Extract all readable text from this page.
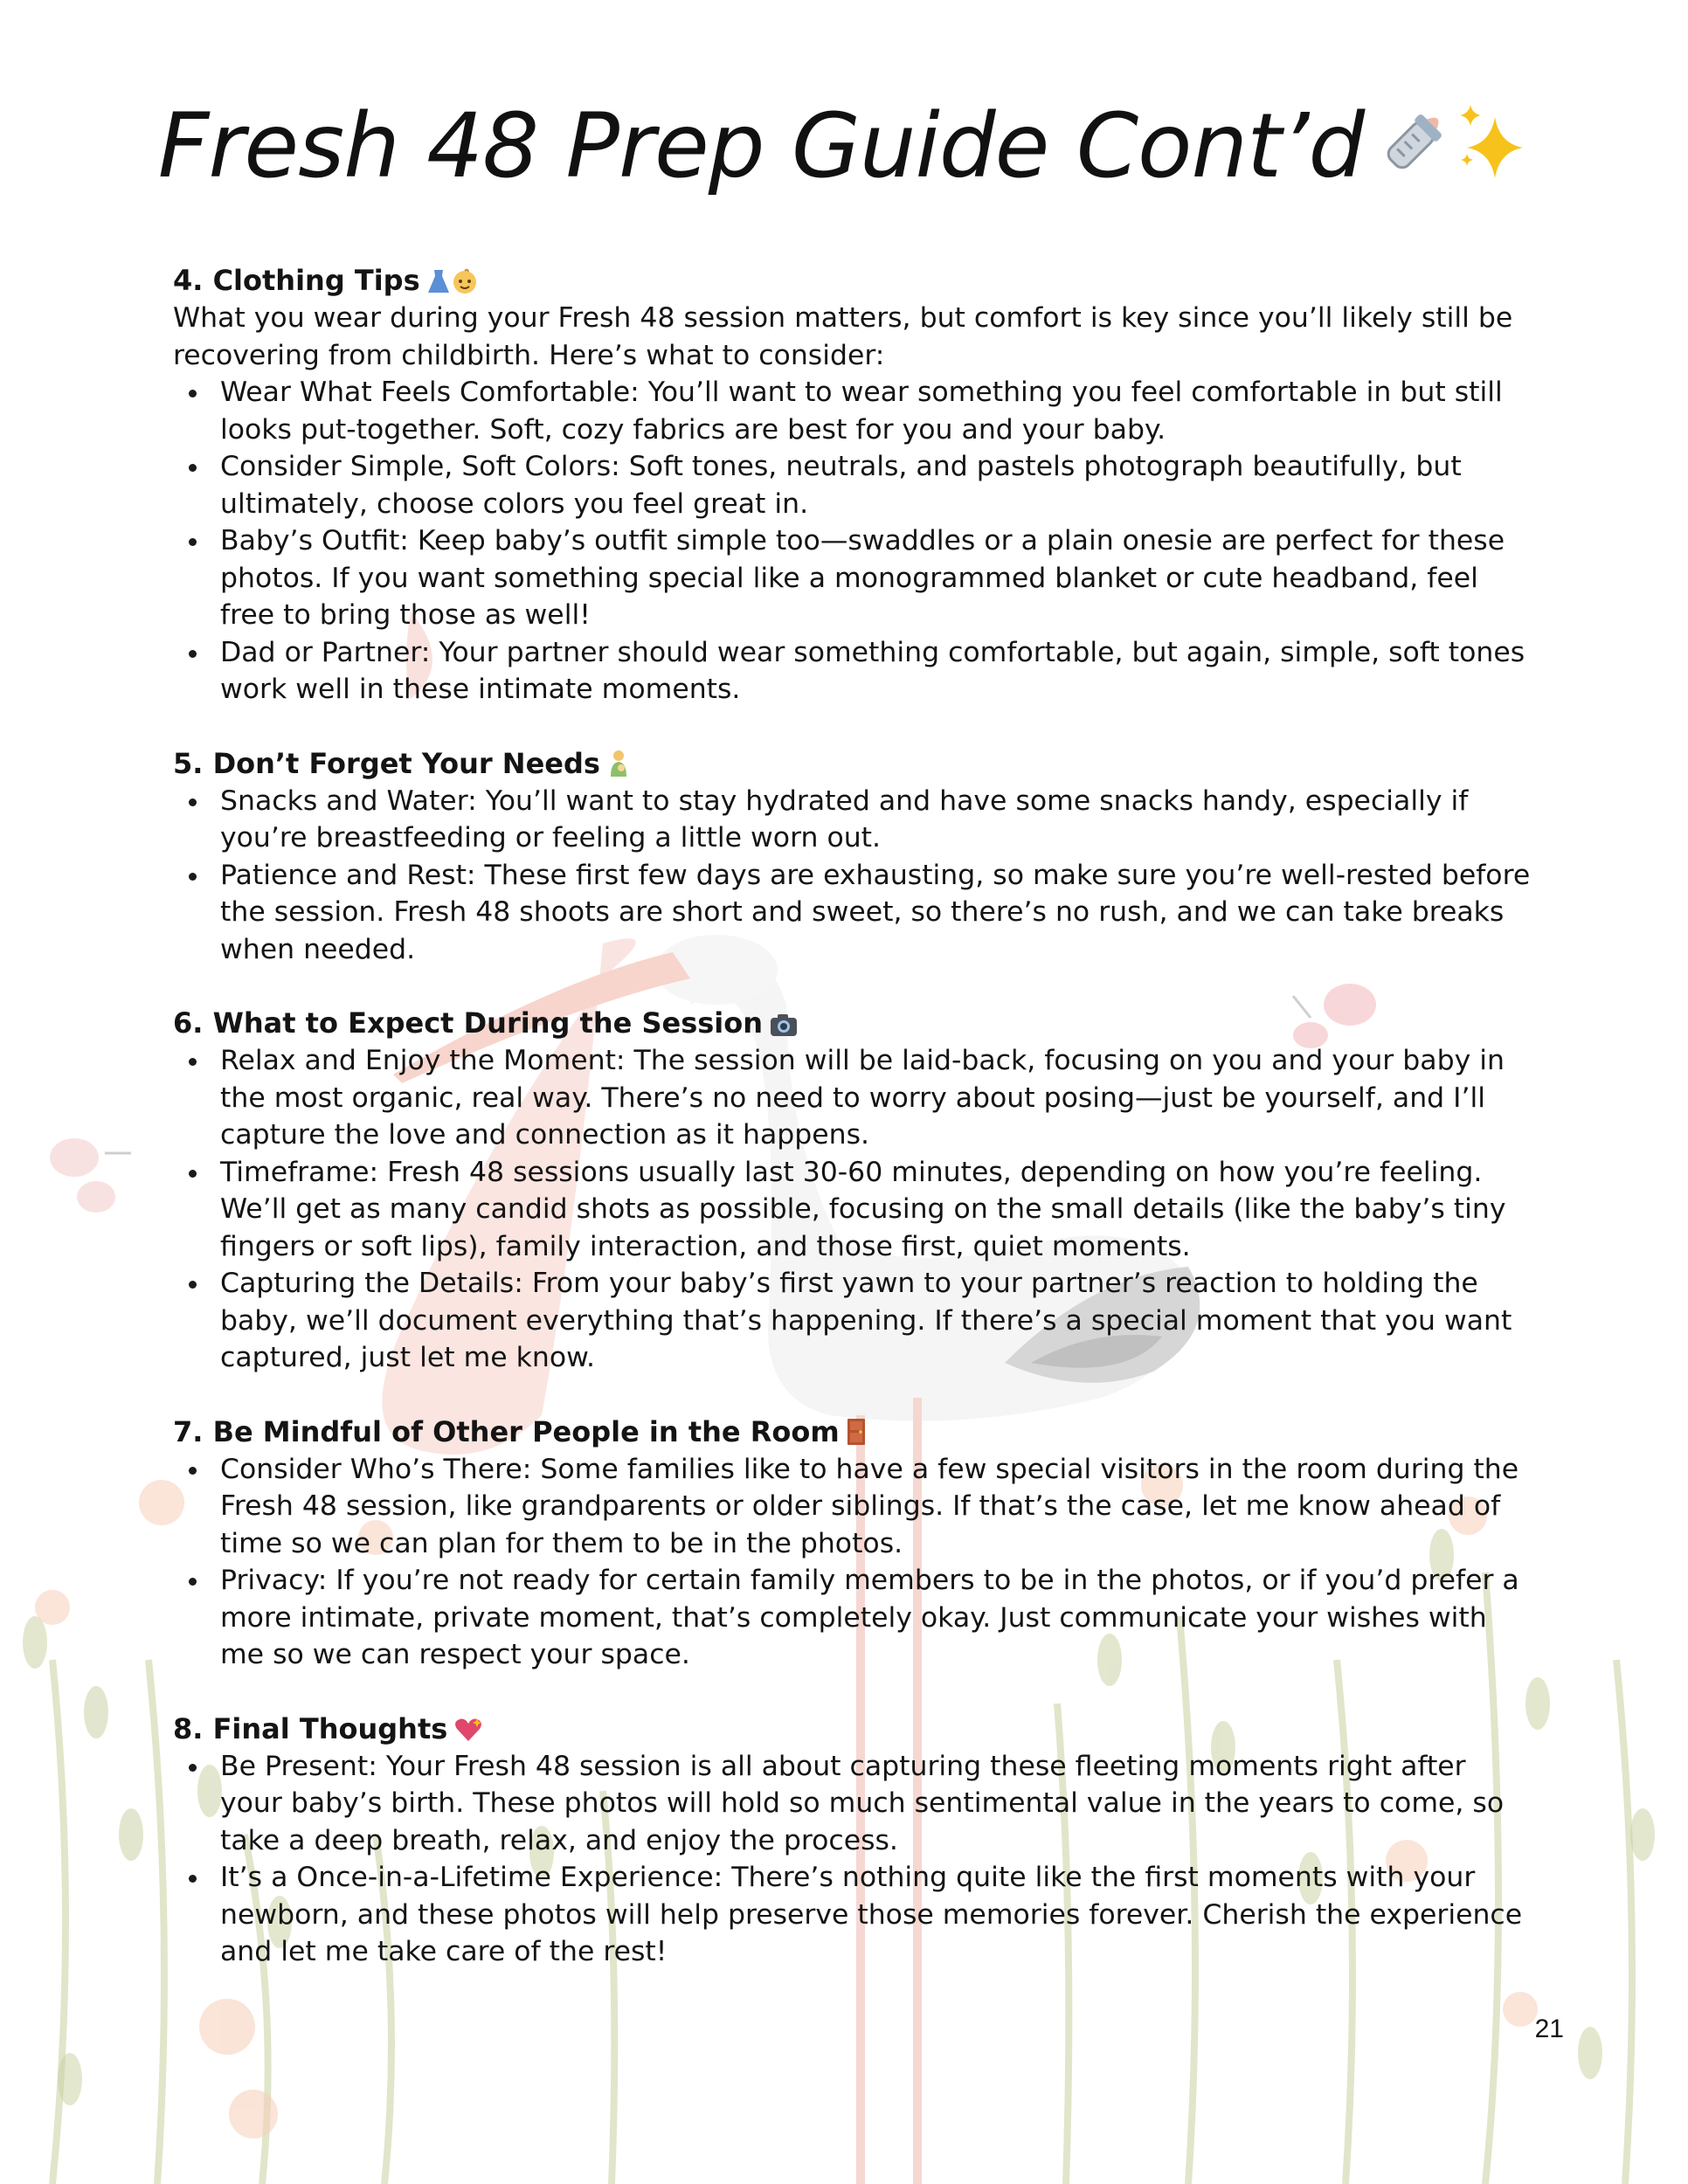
Fresh 48 Prep Guide Cont’d
4. Clothing Tips
What you wear during your Fresh 48 session matters, but comfort is key since you’ll likely still be recovering from childbirth. Here’s what to consider:
Wear What Feels Comfortable: You’ll want to wear something you feel comfortable in but still looks put-together. Soft, cozy fabrics are best for you and your baby.
Consider Simple, Soft Colors: Soft tones, neutrals, and pastels photograph beautifully, but ultimately, choose colors you feel great in.
Baby’s Outfit: Keep baby’s outfit simple too—swaddles or a plain onesie are perfect for these photos. If you want something special like a monogrammed blanket or cute headband, feel free to bring those as well!
Dad or Partner: Your partner should wear something comfortable, but again, simple, soft tones work well in these intimate moments.
5. Don’t Forget Your Needs
Snacks and Water: You’ll want to stay hydrated and have some snacks handy, especially if you’re breastfeeding or feeling a little worn out.
Patience and Rest: These first few days are exhausting, so make sure you’re well-rested before the session. Fresh 48 shoots are short and sweet, so there’s no rush, and we can take breaks when needed.
6. What to Expect During the Session
Relax and Enjoy the Moment: The session will be laid-back, focusing on you and your baby in the most organic, real way. There’s no need to worry about posing—just be yourself, and I’ll capture the love and connection as it happens.
Timeframe: Fresh 48 sessions usually last 30-60 minutes, depending on how you’re feeling. We’ll get as many candid shots as possible, focusing on the small details (like the baby’s tiny fingers or soft lips), family interaction, and those first, quiet moments.
Capturing the Details: From your baby’s first yawn to your partner’s reaction to holding the baby, we’ll document everything that’s happening. If there’s a special moment that you want captured, just let me know.
7. Be Mindful of Other People in the Room
Consider Who’s There: Some families like to have a few special visitors in the room during the Fresh 48 session, like grandparents or older siblings. If that’s the case, let me know ahead of time so we can plan for them to be in the photos.
Privacy: If you’re not ready for certain family members to be in the photos, or if you’d prefer a more intimate, private moment, that’s completely okay. Just communicate your wishes with me so we can respect your space.
8. Final Thoughts
Be Present: Your Fresh 48 session is all about capturing these fleeting moments right after your baby’s birth. These photos will hold so much sentimental value in the years to come, so take a deep breath, relax, and enjoy the process.
It’s a Once-in-a-Lifetime Experience: There’s nothing quite like the first moments with your newborn, and these photos will help preserve those memories forever. Cherish the experience and let me take care of the rest!
21
